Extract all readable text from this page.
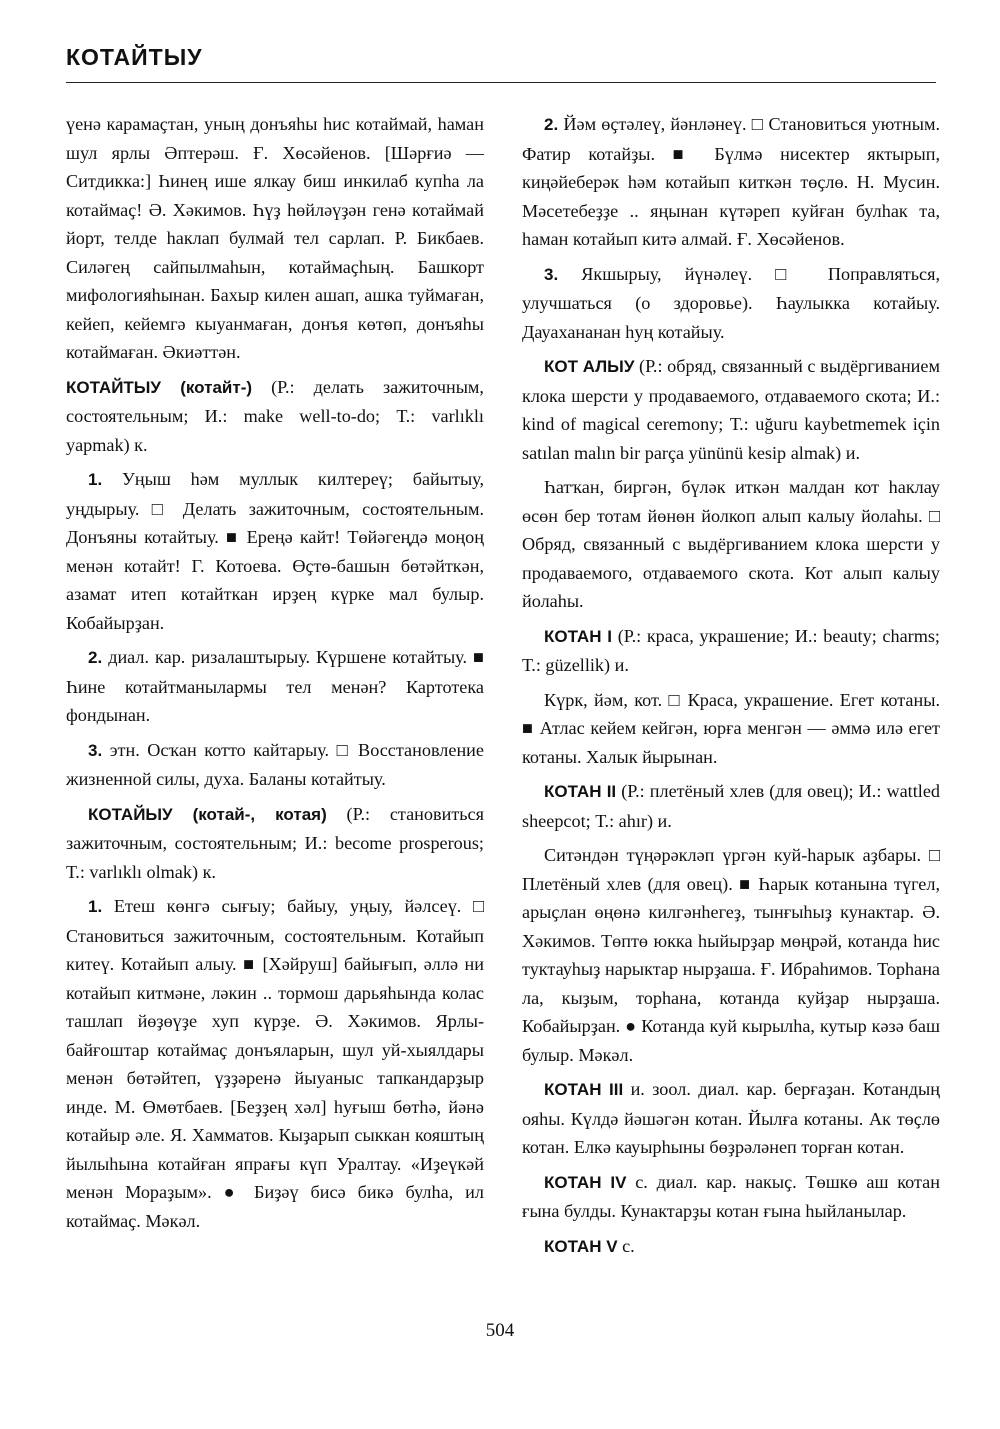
КОТАЙТЫУ

үенә карамаҫтан, уның донъяһы һис котаймай, һаман шул ярлы Әптерәш. Ғ. Хөсәйенов. [Шәрғиә — Ситдикка:] Һинең ише ялкау биш инкилаб купһа ла котаймаҫ! Ә. Хәкимов. Һүҙ һөйләүҙән генә котаймай йорт, телде һаклап булмай тел сарлап. Р. Бикбаев. Силәгең сайпылмаһын, котаймаҫһың. Башкорт мифологияһынан. Бахыр килен ашап, ашка туймаған, кейеп, кейемгә кыуанмаған, донъя көтөп, донъяһы котаймаған. Әкиәттән.

КОТАЙТЫУ (котайт-) (Р.: делать зажиточным, состоятельным; И.: make well-to-do; Т.: varlıklı yapmak) к.

1. Уңыш һәм муллык килтереү; байытыу, уңдырыу. □ Делать зажиточным, состоятельным. Донъяны котайтыу. ■ Ереңә кайт! Төйәгеңдә моңоң менән котайт! Г. Котоева. Өҫтө-башын бөтәйткән, азамат итеп котайткан ирҙең күрке мал булыр. Кобайырҙан.

2. диал. кар. ризалаштырыу. Күршене котайтыу. ■ Һине котайтманылармы тел менән? Картотека фондынан.

3. этн. Осҡан котто кайтарыу. □ Восстановление жизненной силы, духа. Баланы котайтыу.

КОТАЙЫУ (котай-, котая) (Р.: становиться зажиточным, состоятельным; И.: become prosperous; Т.: varlıklı olmak) к.

1. Етеш көнгә сығыу; байыу, уңыу, йәлсеү. □ Становиться зажиточным, состоятельным. Котайып китеү. Котайып алыу. ■ [Хәйруш] байығып, әллә ни котайып китмәне, ләкин .. тормош дарьяһында колас ташлап йөҙөүҙе хуп күрҙе. Ә. Хәкимов. Ярлы-байғоштар котаймаҫ донъяларын, шул уй-хыялдары менән бөтәйтеп, үҙҙәренә йыуаныс тапкандарҙыр инде. М. Өмөтбаев. [Беҙҙең хәл] һуғыш бөтһә, йәнә котайыр әле. Я. Хамматов. Кыҙарып сыккан кояштың йылыһына котайған япрағы күп Уралтау. «Иҙеүкәй менән Мораҙым». ● Биҙәү бисә бикә булһа, ил котаймаҫ. Мәкәл.

2. Йәм өҫтәлеү, йәнләнеү. □ Становиться уютным. Фатир котайҙы. ■ Бүлмә нисектер яктырып, киңәйеберәк һәм котайып киткән төҫлө. Н. Мусин. Мәсетебеҙҙе .. яңынан күтәреп куйған булһак та, һаман котайып китә алмай. Ғ. Хөсәйенов.

3. Якшырыу, йүнәлеү. □ Поправляться, улучшаться (о здоровье). Һаулыкка котайыу. Дауахананан һуң котайыу.

КОТ АЛЫУ (Р.: обряд, связанный с выдёргиванием клока шерсти у продаваемого, отдаваемого скота; И.: kind of magical ceremony; Т.: uğuru kaybetmemek için satılan malın bir parça yününü kesip almak) и.

Һатҡан, биргән, бүләк иткән малдан кот һаклау өсөн бер тотам йөнөн йолкоп алып калыу йолаһы. □ Обряд, связанный с выдёргиванием клока шерсти у продаваемого, отдаваемого скота. Кот алып калыу йолаһы.

КОТАН I (Р.: краса, украшение; И.: beauty; charms; Т.: güzellik) и.

Күрк, йәм, кот. □ Краса, украшение. Егет котаны. ■ Атлас кейем кейгән, юрға менгән — әммә илә егет котаны. Халык йырынан.

КОТАН II (Р.: плетёный хлев (для овец); И.: wattled sheepcot; Т.: ahır) и.

Ситәндән түңәрәкләп үргән куй-һарык аҙбары. □ Плетёный хлев (для овец). ■ Һарык котанына түгел, арыҫлан өңөнә килгәнһегеҙ, тынғыһыҙ кунактар. Ә. Хәкимов. Төптө юкка һыйырҙар мөңрәй, котанда һис туктауһыҙ нарыктар нырҙаша. Ғ. Ибраһимов. Торһана ла, кыҙым, торһана, котанда куйҙар нырҙаша. Кобайырҙан. ● Котанда куй кырылһа, кутыр кәзә баш булыр. Мәкәл.

КОТАН III и. зоол. диал. кар. берғаҙан. Котандың ояһы. Күлдә йәшәгән котан. Йылға котаны. Ак төҫлө котан. Елкә кауырһыны бөҙрәләнеп торған котан.

КОТАН IV с. диал. кар. накыҫ. Төшкө аш котан ғына булды. Кунактарҙы котан ғына һыйланылар.

КОТАН V с.

504
